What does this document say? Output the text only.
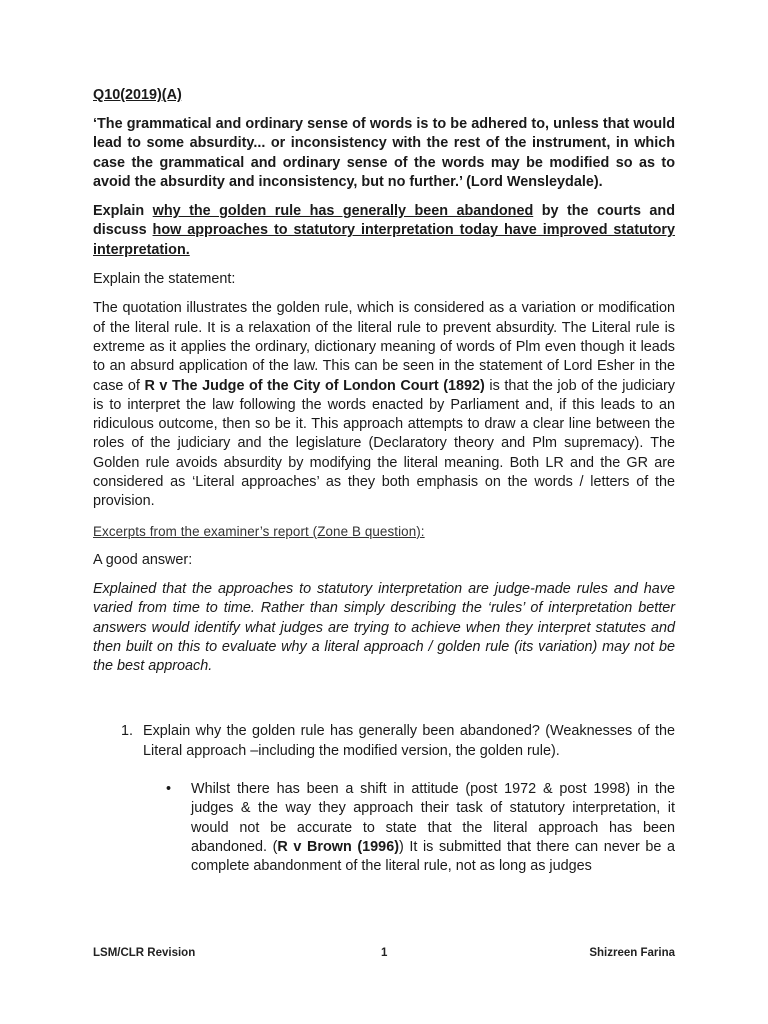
Q10(2019)(A)

‘The grammatical and ordinary sense of words is to be adhered to, unless that would lead to some absurdity... or inconsistency with the rest of the instrument, in which case the grammatical and ordinary sense of the words may be modified so as to avoid the absurdity and inconsistency, but no further.’ (Lord Wensleydale).

Explain why the golden rule has generally been abandoned by the courts and discuss how approaches to statutory interpretation today have improved statutory interpretation.

Explain the statement:

The quotation illustrates the golden rule, which is considered as a variation or modification of the literal rule. It is a relaxation of the literal rule to prevent absurdity. The Literal rule is extreme as it applies the ordinary, dictionary meaning of words of Plm even though it leads to an absurd application of the law. This can be seen in the statement of Lord Esher in the case of R v The Judge of the City of London Court (1892) is that the job of the judiciary is to interpret the law following the words enacted by Parliament and, if this leads to an ridiculous outcome, then so be it. This approach attempts to draw a clear line between the roles of the judiciary and the legislature (Declaratory theory and Plm supremacy). The Golden rule avoids absurdity by modifying the literal meaning. Both LR and the GR are considered as ‘Literal approaches’ as they both emphasis on the words / letters of the provision.

Excerpts from the examiner’s report (Zone B question):

A good answer:

Explained that the approaches to statutory interpretation are judge-made rules and have varied from time to time. Rather than simply describing the ‘rules’ of interpretation better answers would identify what judges are trying to achieve when they interpret statutes and then built on this to evaluate why a literal approach / golden rule (its variation) may not be the best approach.

1. Explain why the golden rule has generally been abandoned? (Weaknesses of the Literal approach –including the modified version, the golden rule).
• Whilst there has been a shift in attitude (post 1972 & post 1998) in the judges & the way they approach their task of statutory interpretation, it would not be accurate to state that the literal approach has been abandoned. (R v Brown (1996)) It is submitted that there can never be a complete abandonment of the literal rule, not as long as judges
LSM/CLR Revision	1	Shizreen Farina
